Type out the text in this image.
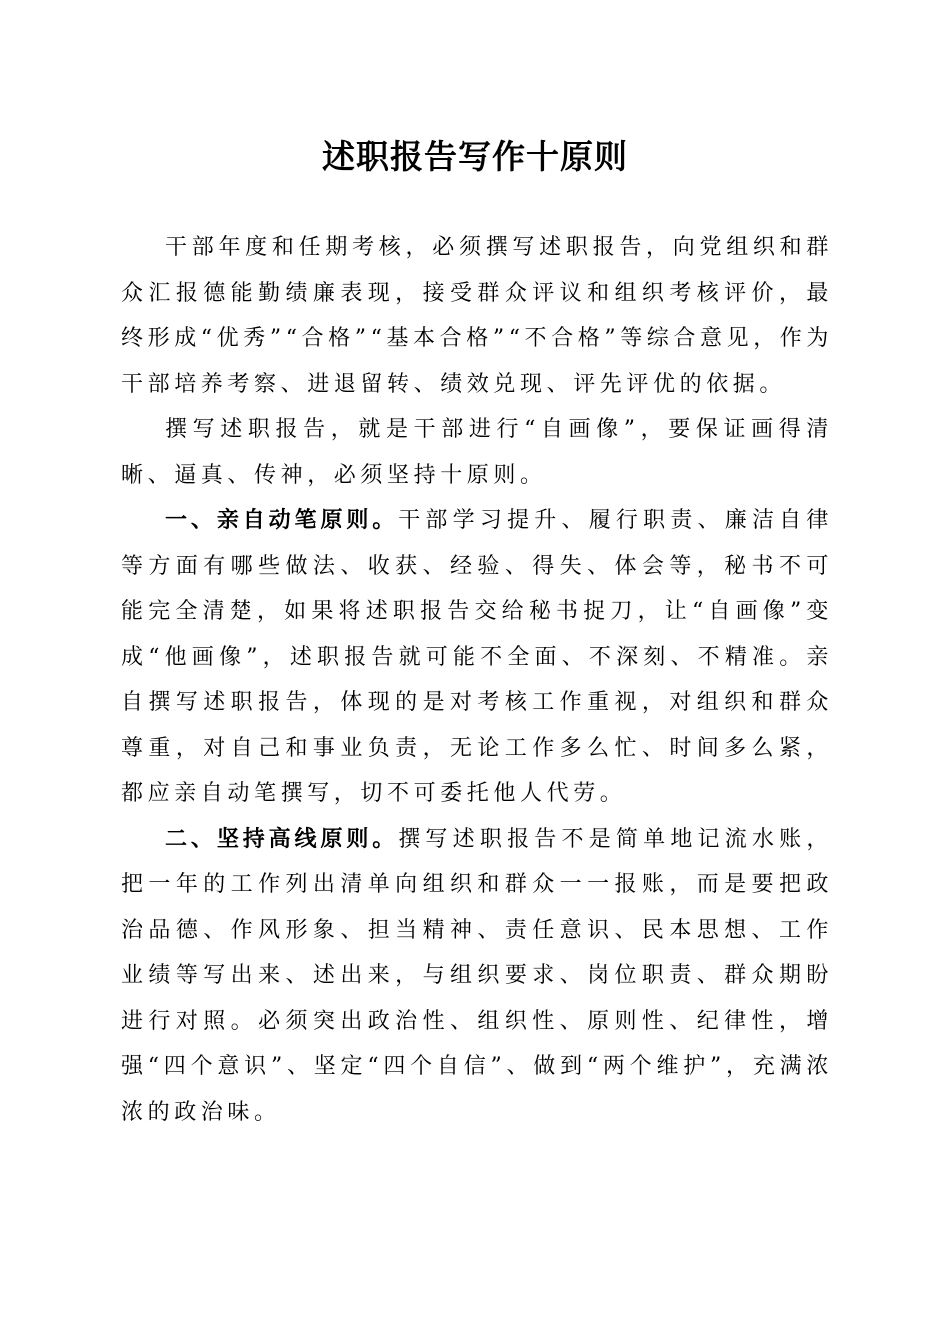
述职报告写作十原则

干部年度和任期考核，必须撰写述职报告，向党组织和群众汇报德能勤绩廉表现，接受群众评议和组织考核评价，最终形成“优秀”“合格”“基本合格”“不合格”等综合意见，作为干部培养考察、进退留转、绩效兑现、评先评优的依据。

撰写述职报告，就是干部进行“自画像”，要保证画得清晰、逼真、传神，必须坚持十原则。

一、亲自动笔原则。干部学习提升、履行职责、廉洁自律等方面有哪些做法、收获、经验、得失、体会等，秘书不可能完全清楚，如果将述职报告交给秘书捉刀，让“自画像”变成“他画像”，述职报告就可能不全面、不深刻、不精准。亲自撰写述职报告，体现的是对考核工作重视，对组织和群众尊重，对自己和事业负责，无论工作多么忙、时间多么紧，都应亲自动笔撰写，切不可委托他人代劳。

二、坚持高线原则。撰写述职报告不是简单地记流水账，把一年的工作列出清单向组织和群众一一报账，而是要把政治品德、作风形象、担当精神、责任意识、民本思想、工作业绩等写出来、述出来，与组织要求、岗位职责、群众期盼进行对照。必须突出政治性、组织性、原则性、纪律性，增强“四个意识”、坚定“四个自信”、做到“两个维护”，充满浓浓的政治味。
